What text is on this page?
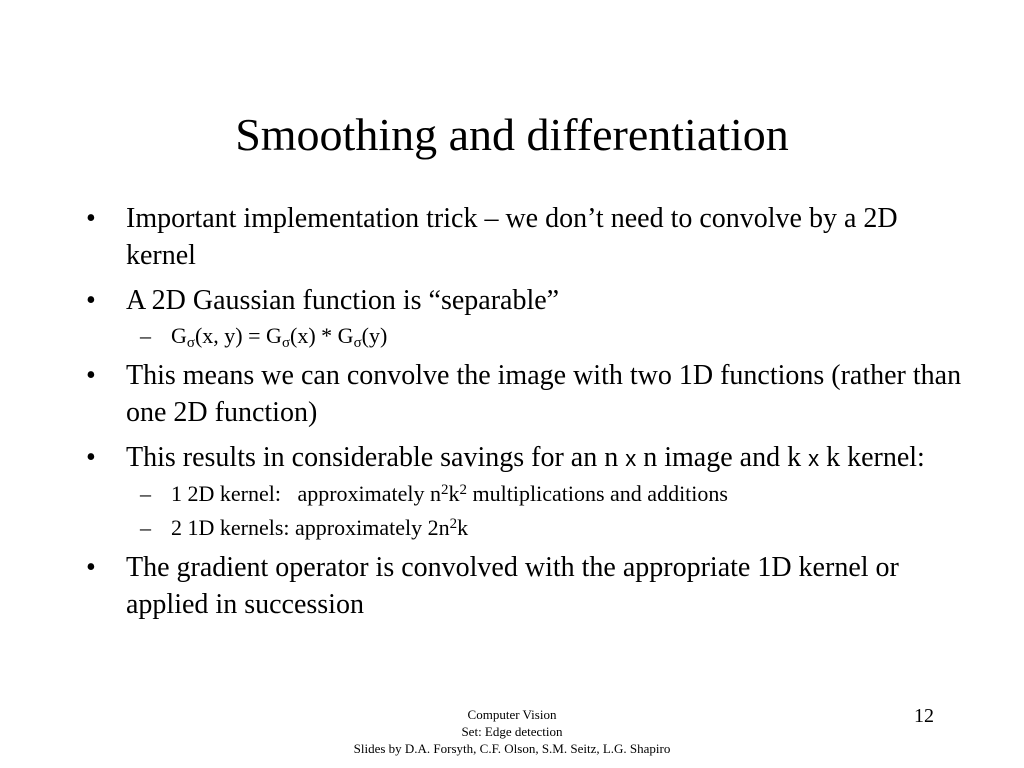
Smoothing and differentiation
• Important implementation trick – we don’t need to convolve by a 2D kernel
• A 2D Gaussian function is “separable”
– $G_\sigma(x$, $y) = G_\sigma(x) * G_\sigma(y)$
• This means we can convolve the image with two 1D functions (rather than one 2D function)
• This results in considerable savings for an n x n image and k x k kernel:
– 1 2D kernel:   approximately $n^2k^2$ multiplications and additions
– 2 1D kernels: approximately $2n^2k$
• The gradient operator is convolved with the appropriate 1D kernel or applied in succession
Computer Vision
Set: Edge detection
Slides by D.A. Forsyth, C.F. Olson, S.M. Seitz, L.G. Shapiro
12
